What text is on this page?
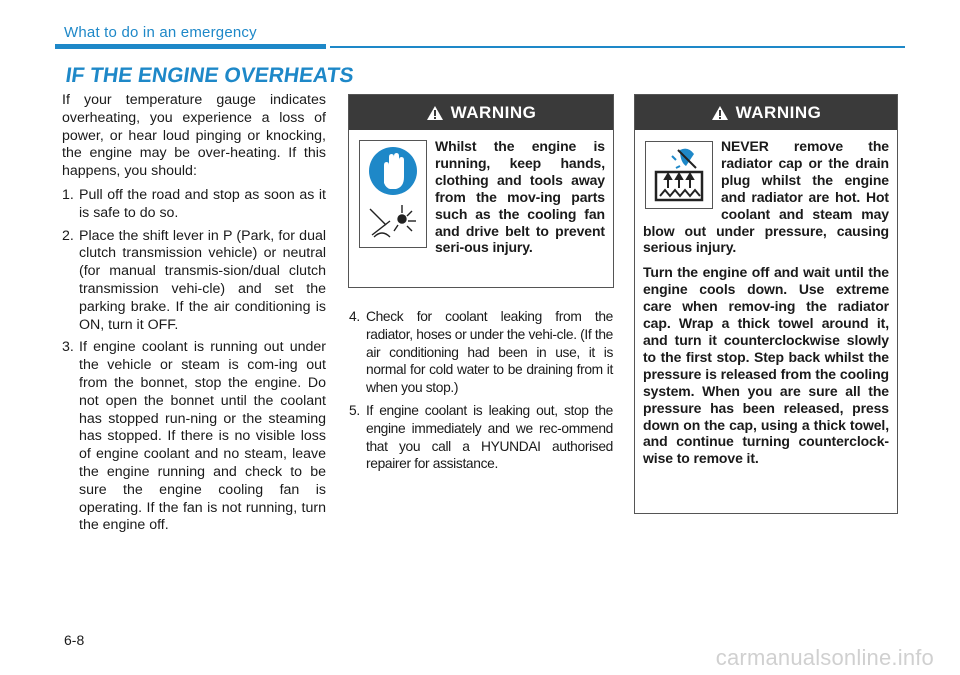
What to do in an emergency
IF THE ENGINE OVERHEATS

If your temperature gauge indicates overheating, you experience a loss of power, or hear loud pinging or knocking, the engine may be over-heating. If this happens, you should:

1. Pull off the road and stop as soon as it is safe to do so.
2. Place the shift lever in P (Park, for dual clutch transmission vehicle) or neutral (for manual transmis-sion/dual clutch transmission vehi-cle) and set the parking brake. If the air conditioning is ON, turn it OFF.
3. If engine coolant is running out under the vehicle or steam is com-ing out from the bonnet, stop the engine. Do not open the bonnet until the coolant has stopped run-ning or the steaming has stopped. If there is no visible loss of engine coolant and no steam, leave the engine running and check to be sure the engine cooling fan is operating. If the fan is not running, turn the engine off.
WARNING

Whilst the engine is running, keep hands, clothing and tools away from the mov-ing parts such as the cooling fan and drive belt to prevent seri-ous injury.

4. Check for coolant leaking from the radiator, hoses or under the vehi-cle. (If the air conditioning had been in use, it is normal for cold water to be draining from it when you stop.)
5. If engine coolant is leaking out, stop the engine immediately and we rec-ommend that you call a HYUNDAI authorised repairer for assistance.
WARNING

NEVER remove the radiator cap or the drain plug whilst the engine and radiator are hot. Hot coolant and steam may blow out under pressure, causing serious injury.

Turn the engine off and wait until the engine cools down. Use extreme care when remov-ing the radiator cap. Wrap a thick towel around it, and turn it counterclockwise slowly to the first stop. Step back whilst the pressure is released from the cooling system. When you are sure all the pressure has been released, press down on the cap, using a thick towel, and continue turning counterclock-wise to remove it.

6-8
carmanualsonline.info
